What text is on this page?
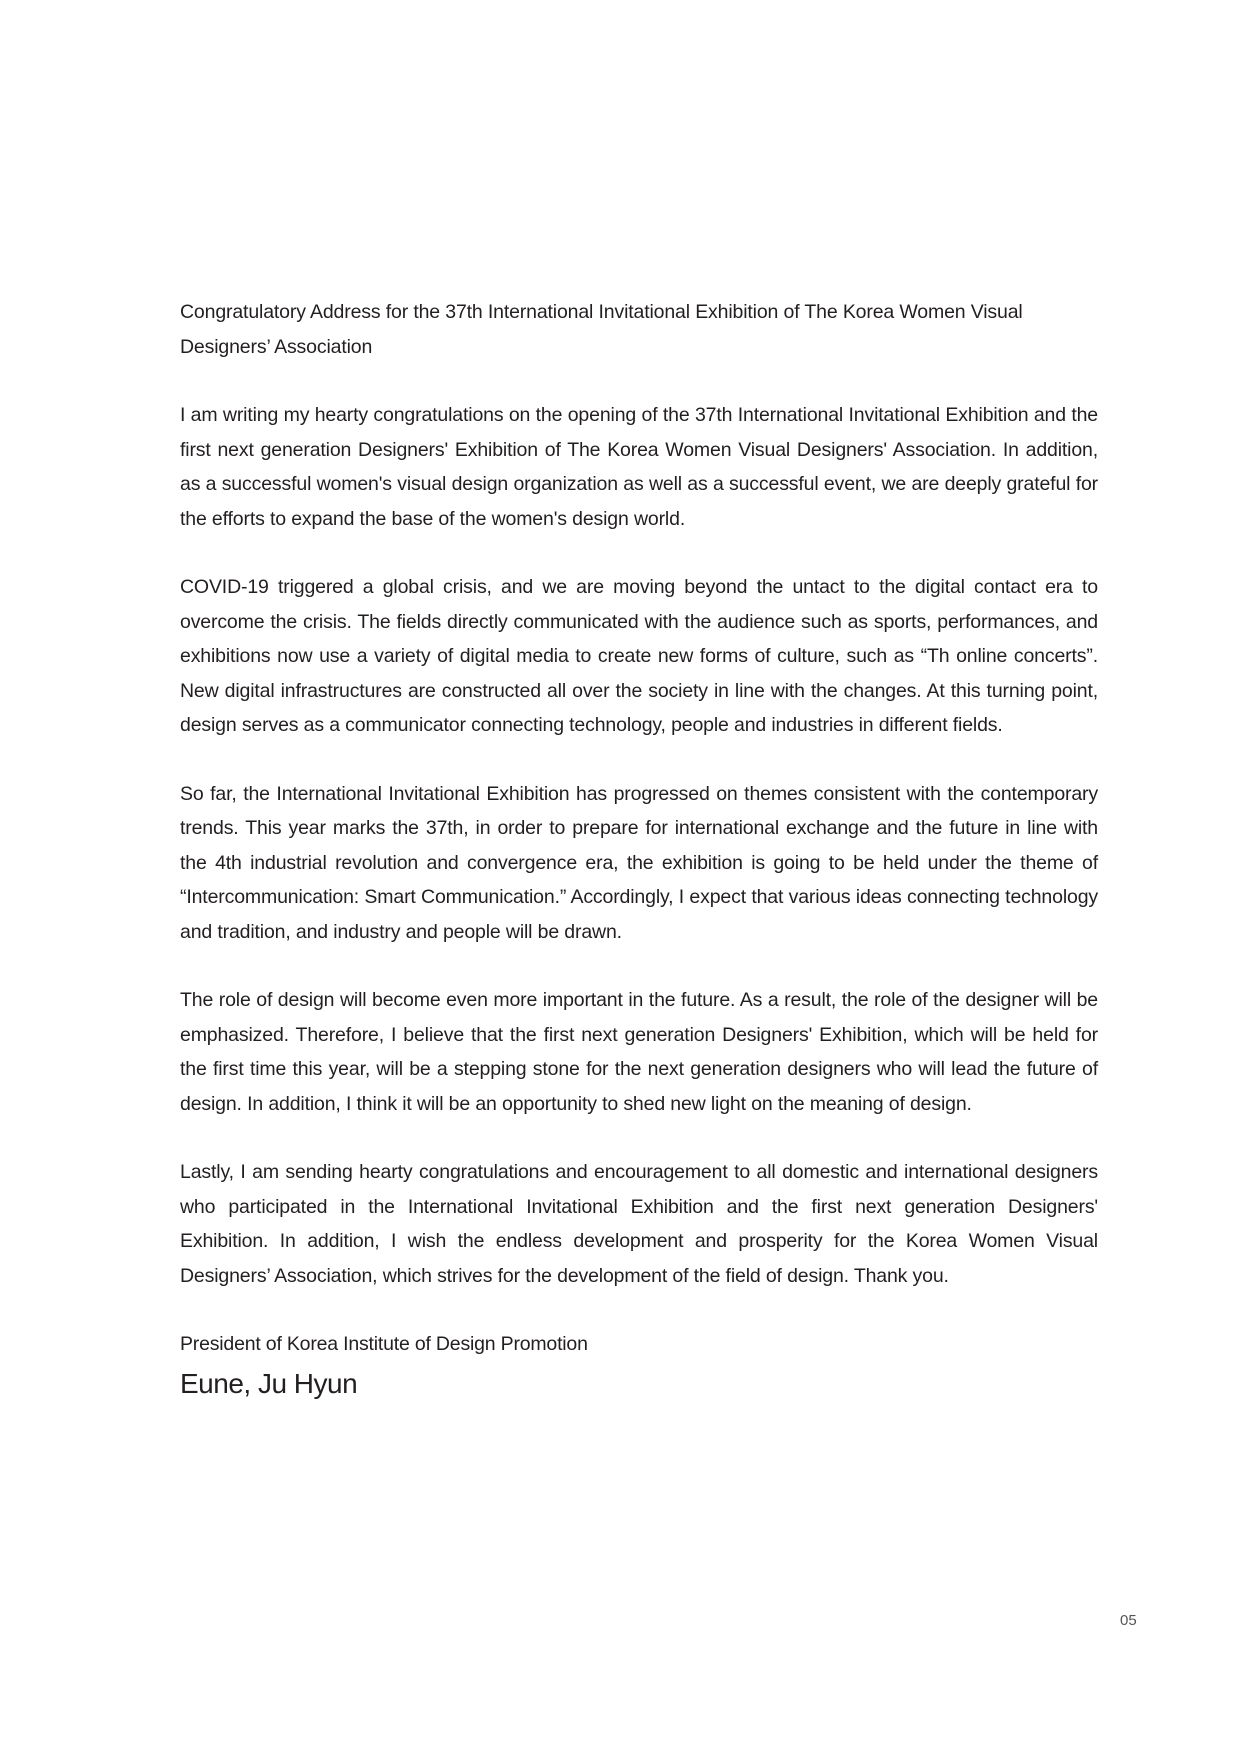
Congratulatory Address for the 37th International Invitational Exhibition of The Korea Women Visual Designers’ Association

I am writing my hearty congratulations on the opening of the 37th International Invitational Exhibition and the first next generation Designers' Exhibition of The Korea Women Visual Designers' Association. In addition, as a successful women's visual design organization as well as a successful event, we are deeply grateful for the efforts to expand the base of the women's design world.

COVID-19 triggered a global crisis, and we are moving beyond the untact to the digital contact era to overcome the crisis. The fields directly communicated with the audience such as sports, performances, and exhibitions now use a variety of digital media to create new forms of culture, such as “Th online concerts”. New digital infrastructures are constructed all over the society in line with the changes. At this turning point, design serves as a communicator connecting technology, people and industries in different fields.

So far, the International Invitational Exhibition has progressed on themes consistent with the contemporary trends. This year marks the 37th, in order to prepare for international exchange and the future in line with the 4th industrial revolution and convergence era, the exhibition is going to be held under the theme of “Intercommunication: Smart Communication.” Accordingly, I expect that various ideas connecting technology and tradition, and industry and people will be drawn.

The role of design will become even more important in the future. As a result, the role of the designer will be emphasized. Therefore, I believe that the first next generation Designers' Exhibition, which will be held for the first time this year, will be a stepping stone for the next generation designers who will lead the future of design. In addition, I think it will be an opportunity to shed new light on the meaning of design.

Lastly, I am sending hearty congratulations and encouragement to all domestic and international designers who participated in the International Invitational Exhibition and the first next generation Designers' Exhibition. In addition, I wish the endless development and prosperity for the Korea Women Visual Designers’ Association, which strives for the development of the field of design. Thank you.

President of Korea Institute of Design Promotion

Eune, Ju Hyun

05
